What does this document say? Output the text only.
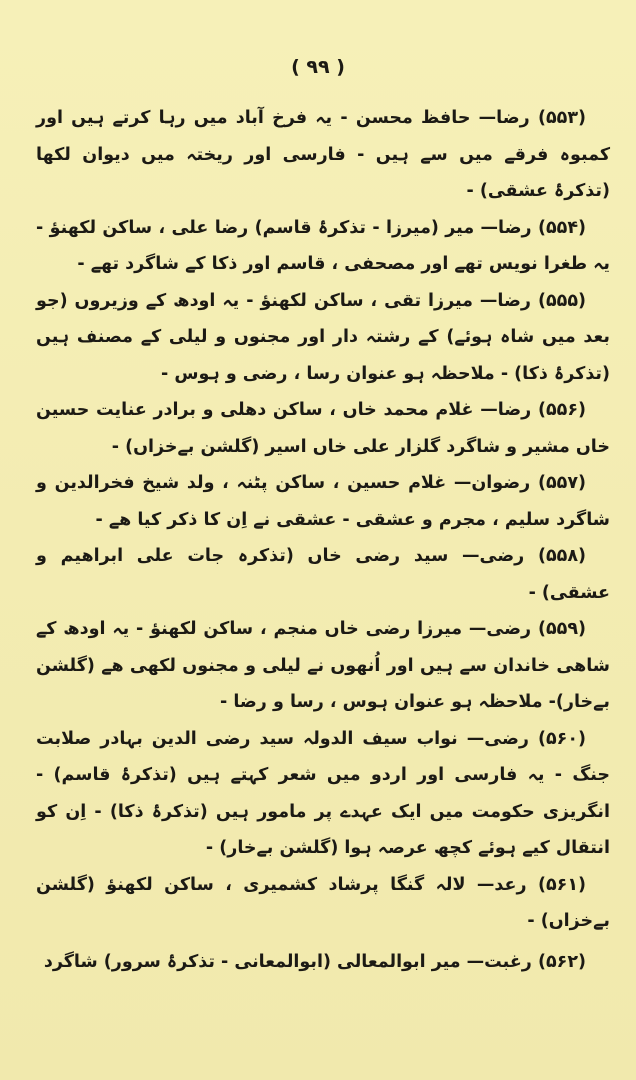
( ۹۹ )

(۵۵۳) رضا— حافظ محسن - یہ فرخ آباد میں رہا کرتے ہیں اور کمبوہ فرقے میں سے ہیں - فارسی اور ریختہ میں دیوان لکھا (تذکرۂ عشقی) -

(۵۵۴) رضا— میر (میرزا - تذکرۂ قاسم) رضا علی ، ساکن لکھنؤ - یہ طغرا نویس تھے اور مصحفی ، قاسم اور ذکا کے شاگرد تھے -

(۵۵۵) رضا— میرزا تقی ، ساکن لکھنؤ - یہ اودھ کے وزیروں (جو بعد میں شاہ ہوئے) کے رشتہ دار اور مجنوں و لیلی کے مصنف ہیں (تذکرۂ ذکا) - ملاحظہ ہو عنوان رسا ، رضی و ہوس -

(۵۵۶) رضا— غلام محمد خاں ، ساکن دھلی و برادر عنایت حسین خاں مشیر و شاگرد گلزار علی خاں اسیر (گلشن بےخزاں) -

(۵۵۷) رضوان— غلام حسین ، ساکن پٹنہ ، ولد شیخ فخرالدین و شاگرد سلیم ، مجرم و عشقی - عشقی نے اِن کا ذکر کیا ھے -

(۵۵۸) رضی— سید رضی خاں (تذکرہ جات علی ابراھیم و عشقی) -

(۵۵۹) رضی— میرزا رضی خاں منجم ، ساکن لکھنؤ - یہ اودھ کے شاھی خاندان سے ہیں اور اُنھوں نے لیلی و مجنوں لکھی ھے (گلشن بےخار)- ملاحظہ ہو عنوان ہوس ، رسا و رضا -

(۵۶۰) رضی— نواب سیف الدولہ سید رضی الدین بہادر صلابت جنگ - یہ فارسی اور اردو میں شعر کہتے ہیں (تذکرۂ قاسم) - انگریزی حکومت میں ایک عہدے پر مامور ہیں (تذکرۂ ذکا) - اِن کو انتقال کیے ہوئے کچھ عرصہ ہوا (گلشن بےخار) -

(۵۶۱) رعد— لالہ گنگا پرشاد کشمیری ، ساکن لکھنؤ (گلشن بےخزاں) -

(۵۶۲) رغبت— میر ابوالمعالی (ابوالمعانی - تذکرۂ سرور) شاگرد
